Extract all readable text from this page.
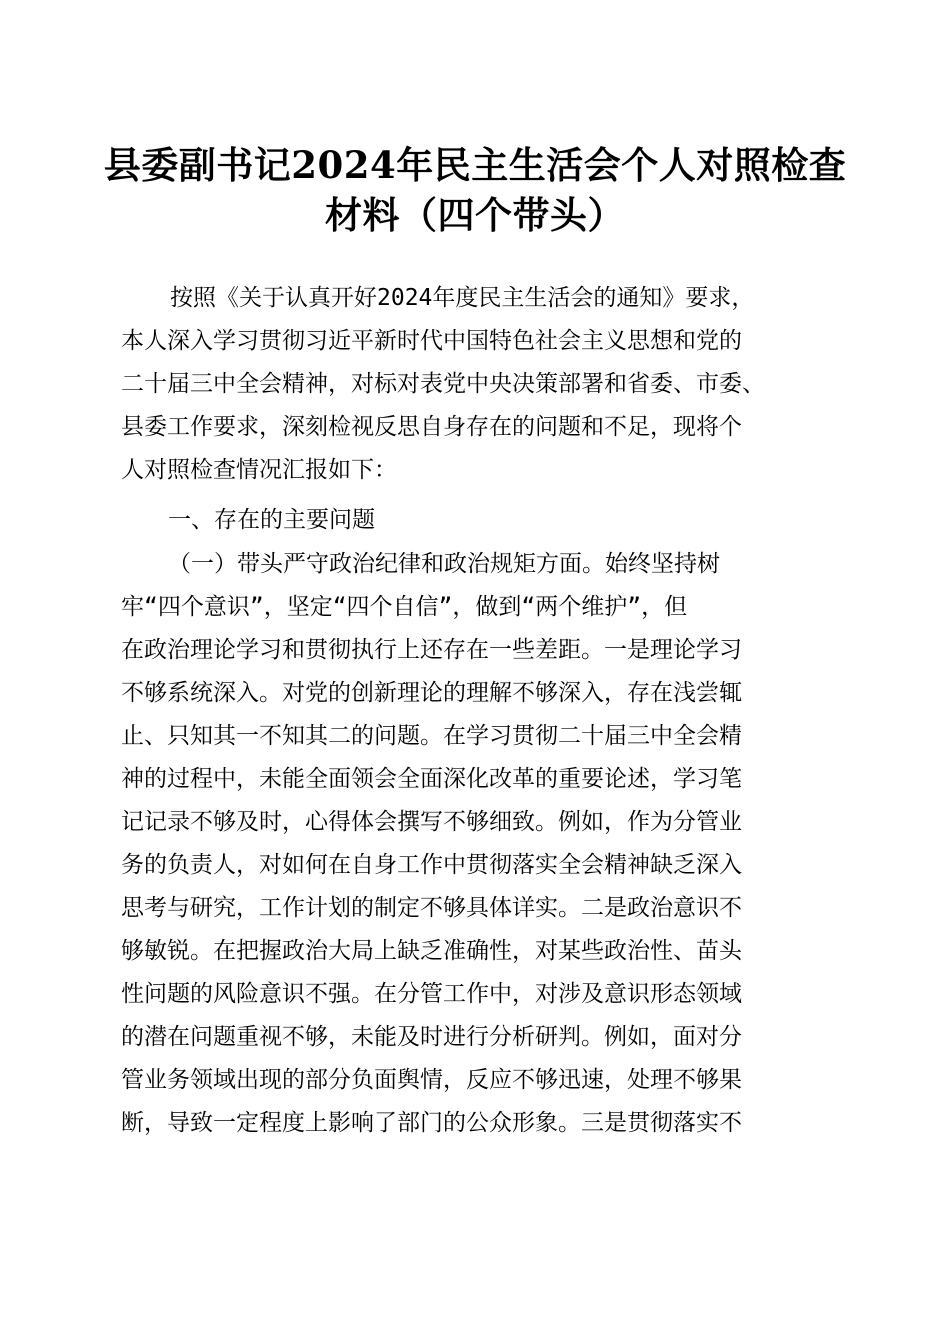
县委副书记2024年民主生活会个人对照检查
材料（四个带头）
按照《关于认真开好2024年度民主生活会的通知》要求，
本人深入学习贯彻习近平新时代中国特色社会主义思想和党的
二十届三中全会精神，对标对表党中央决策部署和省委、市委、
县委工作要求，深刻检视反思自身存在的问题和不足，现将个
人对照检查情况汇报如下：
一、存在的主要问题
（一）带头严守政治纪律和政治规矩方面。始终坚持树
牢“四个意识”，坚定“四个自信”，做到“两个维护”，但
在政治理论学习和贯彻执行上还存在一些差距。一是理论学习
不够系统深入。对党的创新理论的理解不够深入，存在浅尝辄
止、只知其一不知其二的问题。在学习贯彻二十届三中全会精
神的过程中，未能全面领会全面深化改革的重要论述，学习笔
记记录不够及时，心得体会撰写不够细致。例如，作为分管业
务的负责人，对如何在自身工作中贯彻落实全会精神缺乏深入
思考与研究，工作计划的制定不够具体详实。二是政治意识不
够敏锐。在把握政治大局上缺乏准确性，对某些政治性、苗头
性问题的风险意识不强。在分管工作中，对涉及意识形态领域
的潜在问题重视不够，未能及时进行分析研判。例如，面对分
管业务领域出现的部分负面舆情，反应不够迅速，处理不够果
断，导致一定程度上影响了部门的公众形象。三是贯彻落实不
